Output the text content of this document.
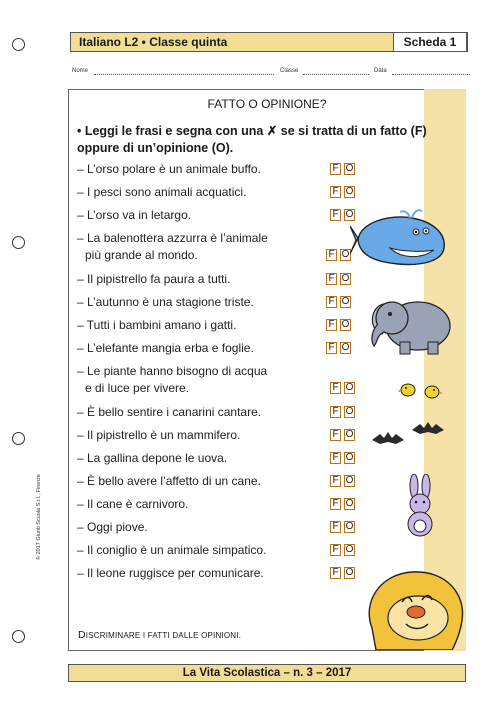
Italiano L2 • Classe quinta	Scheda 1
Nome	Classe	Data
FATTO O OPINIONE?
• Leggi le frasi e segna con una ✗ se si tratta di un fatto (F) oppure di un’opinione (O).
– L’orso polare è un animale buffo.	F O
– I pesci sono animali acquatici.	F O
– L’orso va in letargo.	F O
– La balenottera azzurra è l’animale
più grande al mondo.	F O
– Il pipistrello fa paura a tutti.	F O
– L’autunno è una stagione triste.	F O
– Tutti i bambini amano i gatti.	F O
– L’elefante mangia erba e foglie.	F O
– Le piante hanno bisogno di acqua
e di luce per vivere.	F O
– È bello sentire i canarini cantare.	F O
– Il pipistrello è un mammifero.	F O
– La gallina depone le uova.	F O
– È bello avere l’affetto di un cane.	F O
– Il cane è carnivoro.	F O
– Oggi piove.	F O
– Il coniglio è un animale simpatico.	F O
– Il leone ruggisce per comunicare.	F O
DISCRIMINARE I FATTI DALLE OPINIONI.
© 2017 Giunti Scuola S.r.l., Firenze
La Vita Scolastica – n. 3 – 2017
